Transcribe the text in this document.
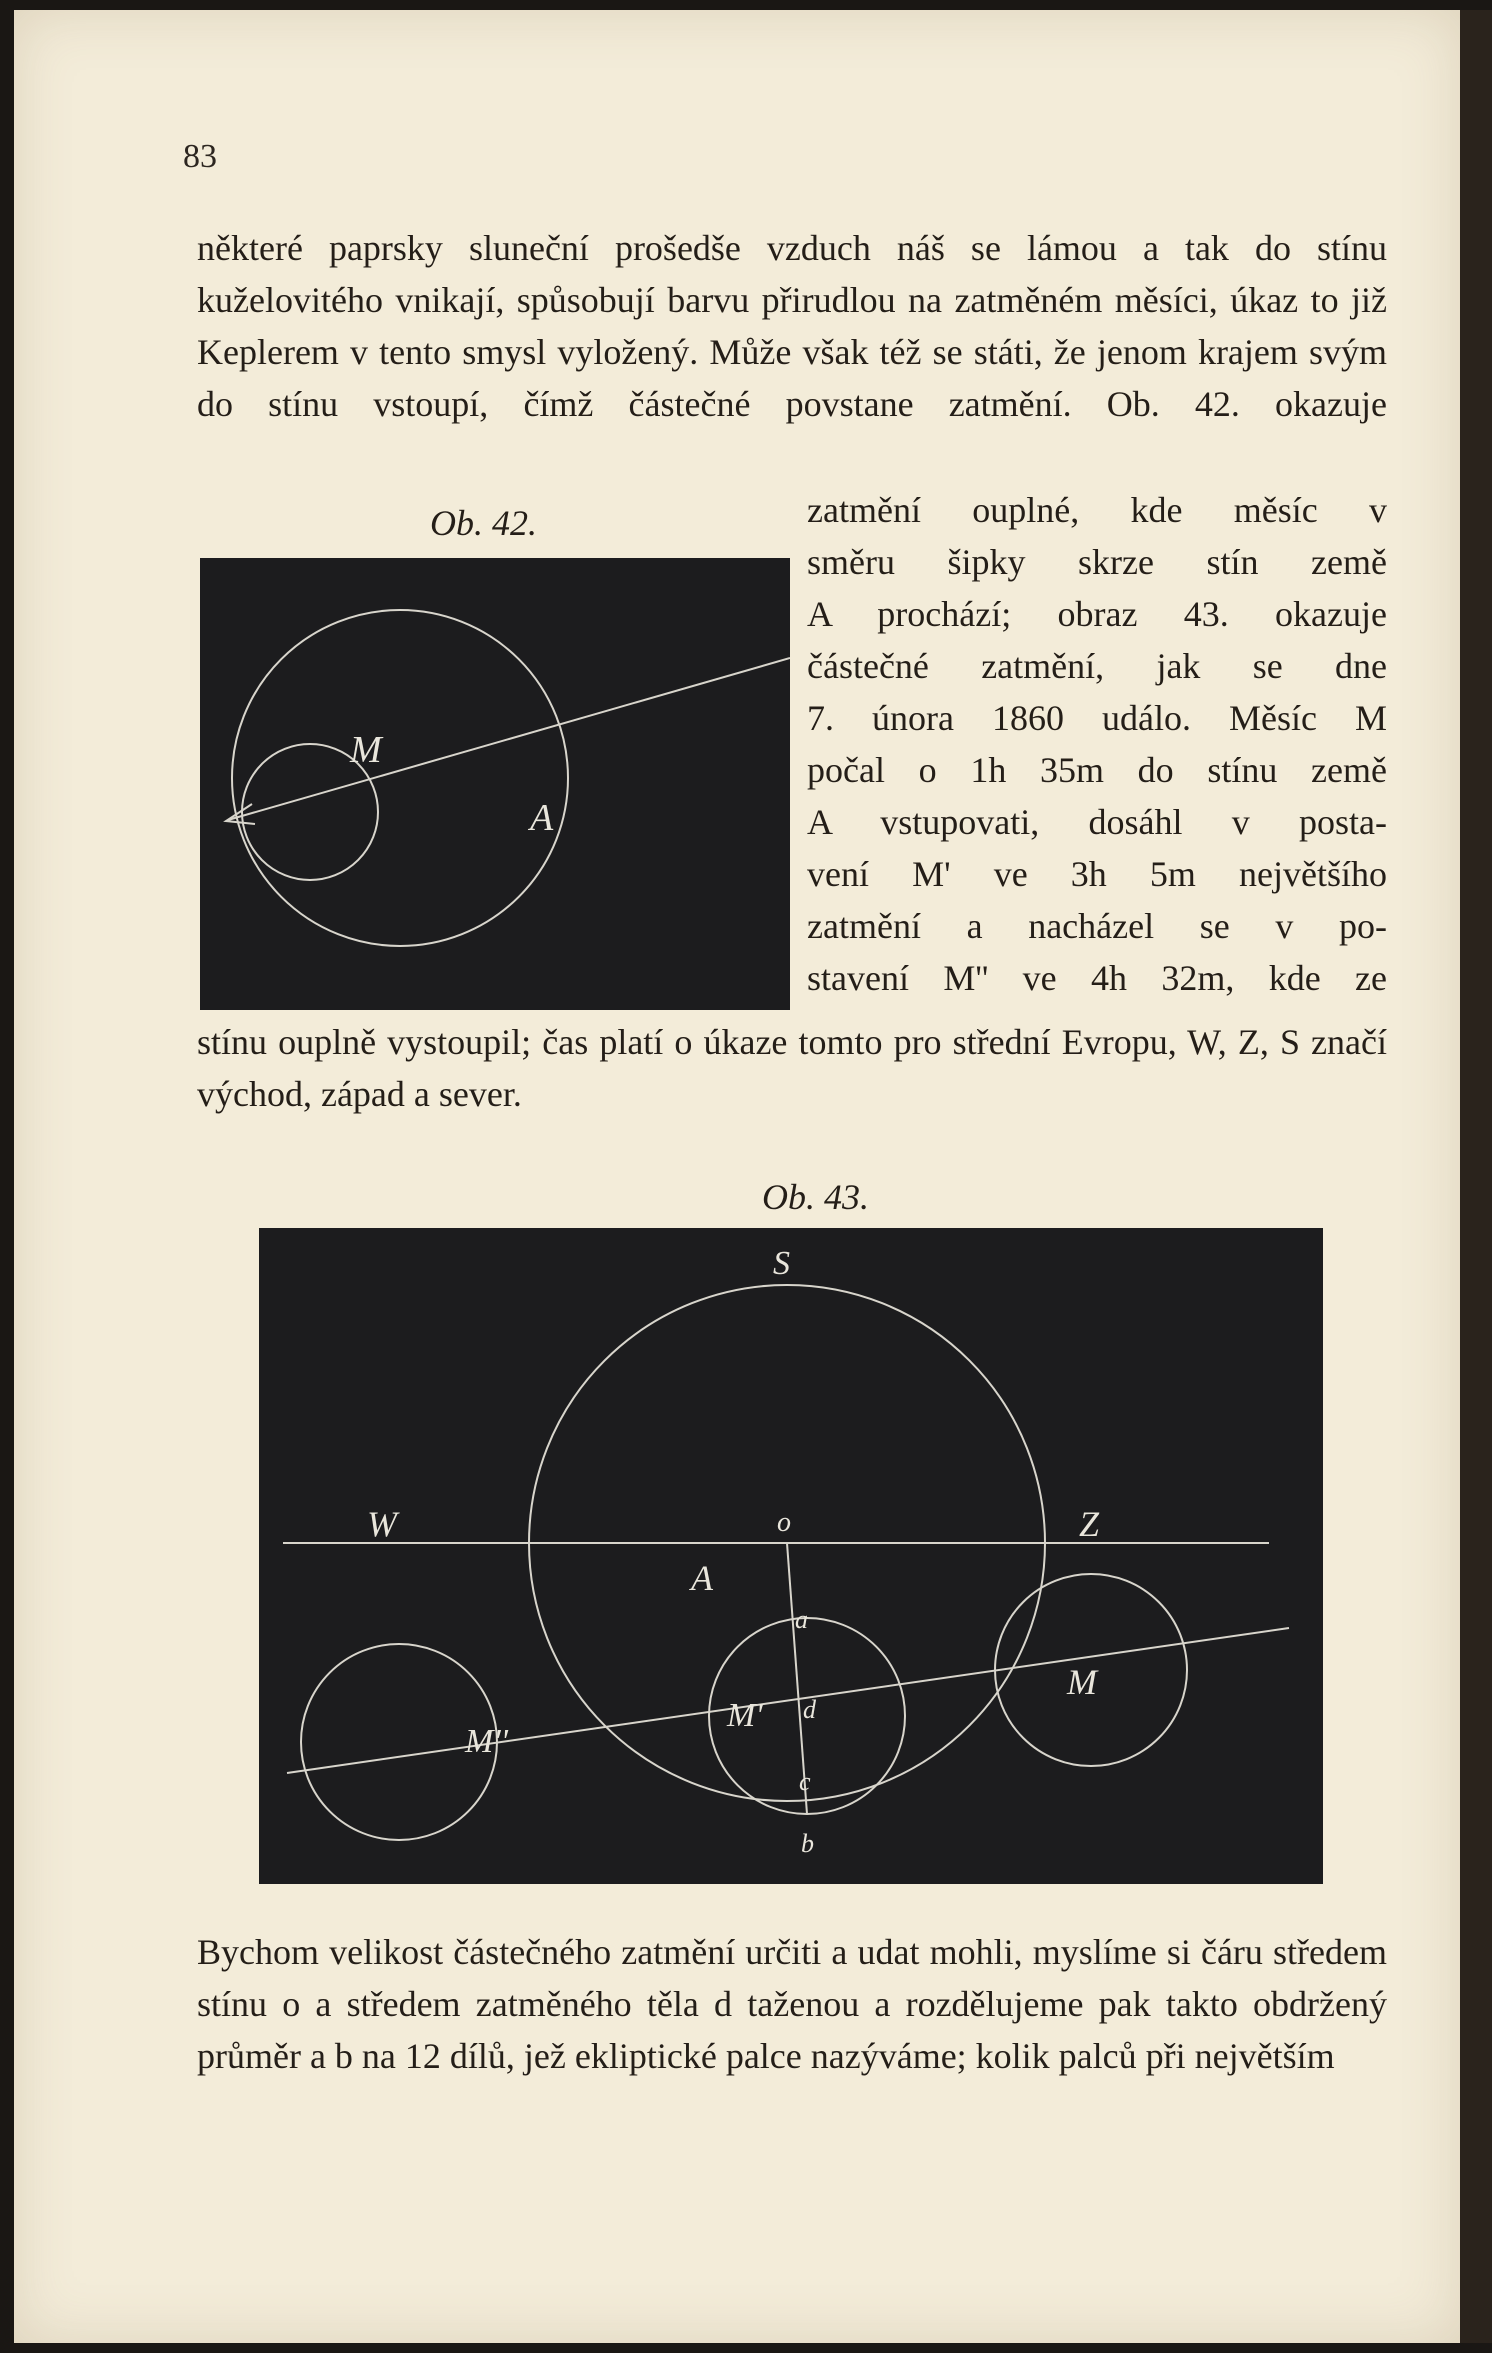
83

některé paprsky sluneční prošedše vzduch náš se lámou a tak do stínu kuželovitého vnikají, spůsobují barvu přirudlou na zatměném měsíci, úkaz to již Keplerem v tento smysl vyložený. Může však též se státi, že jenom krajem svým do stínu vstoupí, čímž částečné povstane zatmění. Ob. 42. okazuje

Ob. 42.
M
A

zatmění ouplné, kde měsíc v

směru šipky skrze stín země

A prochází; obraz 43. okazuje

částečné zatmění, jak se dne

7. února 1860 událo. Měsíc M

počal o 1h 35m do stínu země

A vstupovati, dosáhl v posta-

vení M' ve 3h 5m největšího

zatmění a nacházel se v po-

stavení M'' ve 4h 32m, kde ze

stínu ouplně vystoupil; čas platí o úkaze tomto pro střední Evropu, W, Z, S značí východ, západ a sever.

Ob. 43.
S
W	Z
o
A
a
d
c
b
M
M'
M''

Bychom velikost částečného zatmění určiti a udat mohli, myslíme si čáru středem stínu o a středem zatměného těla d taženou a rozdělujeme pak takto obdržený průměr a b na 12 dílů, jež ekliptické palce nazýváme; kolik palců při největším
